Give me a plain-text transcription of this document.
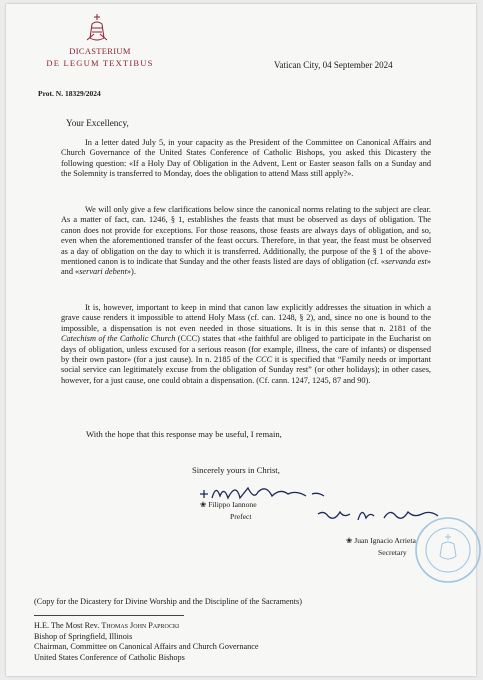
DICASTERIUM
DE LEGUM TEXTIBUS	Vatican City, 04 September 2024
Prot. N. 18329/2024
Your Excellency,
In a letter dated July 5, in your capacity as the President of the Committee on Canonical Affairs and Church Governance of the United States Conference of Catholic Bishops, you asked this Dicastery the following question: «If a Holy Day of Obligation in the Advent, Lent or Easter season falls on a Sunday and the Solemnity is transferred to Monday, does the obligation to attend Mass still apply?».
We will only give a few clarifications below since the canonical norms relating to the subject are clear. As a matter of fact, can. 1246, § 1, establishes the feasts that must be observed as days of obligation. The canon does not provide for exceptions. For those reasons, those feasts are always days of obligation, and so, even when the aforementioned transfer of the feast occurs. Therefore, in that year, the feast must be observed as a day of obligation on the day to which it is transferred. Additionally, the purpose of the § 1 of the above-mentioned canon is to indicate that Sunday and the other feasts listed are days of obligation (cf. «servanda est» and «servari debent»).
It is, however, important to keep in mind that canon law explicitly addresses the situation in which a grave cause renders it impossible to attend Holy Mass (cf. can. 1248, § 2), and, since no one is bound to the impossible, a dispensation is not even needed in those situations. It is in this sense that n. 2181 of the Catechism of the Catholic Church (CCC) states that «the faithful are obliged to participate in the Eucharist on days of obligation, unless excused for a serious reason (for example, illness, the care of infants) or dispensed by their own pastor» (for a just cause). In n. 2185 of the CCC it is specified that “Family needs or important social service can legitimately excuse from the obligation of Sunday rest” (or other holidays); in other cases, however, for a just cause, one could obtain a dispensation. (Cf. cann. 1247, 1245, 87 and 90).
With the hope that this response may be useful, I remain,
Sincerely yours in Christ,
❀ Filippo Iannone
Prefect
❀ Juan Ignacio Arrieta
Secretary
(Copy for the Dicastery for Divine Worship and the Discipline of the Sacraments)
H.E. The Most Rev. Thomas John Paprocki
Bishop of Springfield, Illinois
Chairman, Committee on Canonical Affairs and Church Governance
United States Conference of Catholic Bishops
